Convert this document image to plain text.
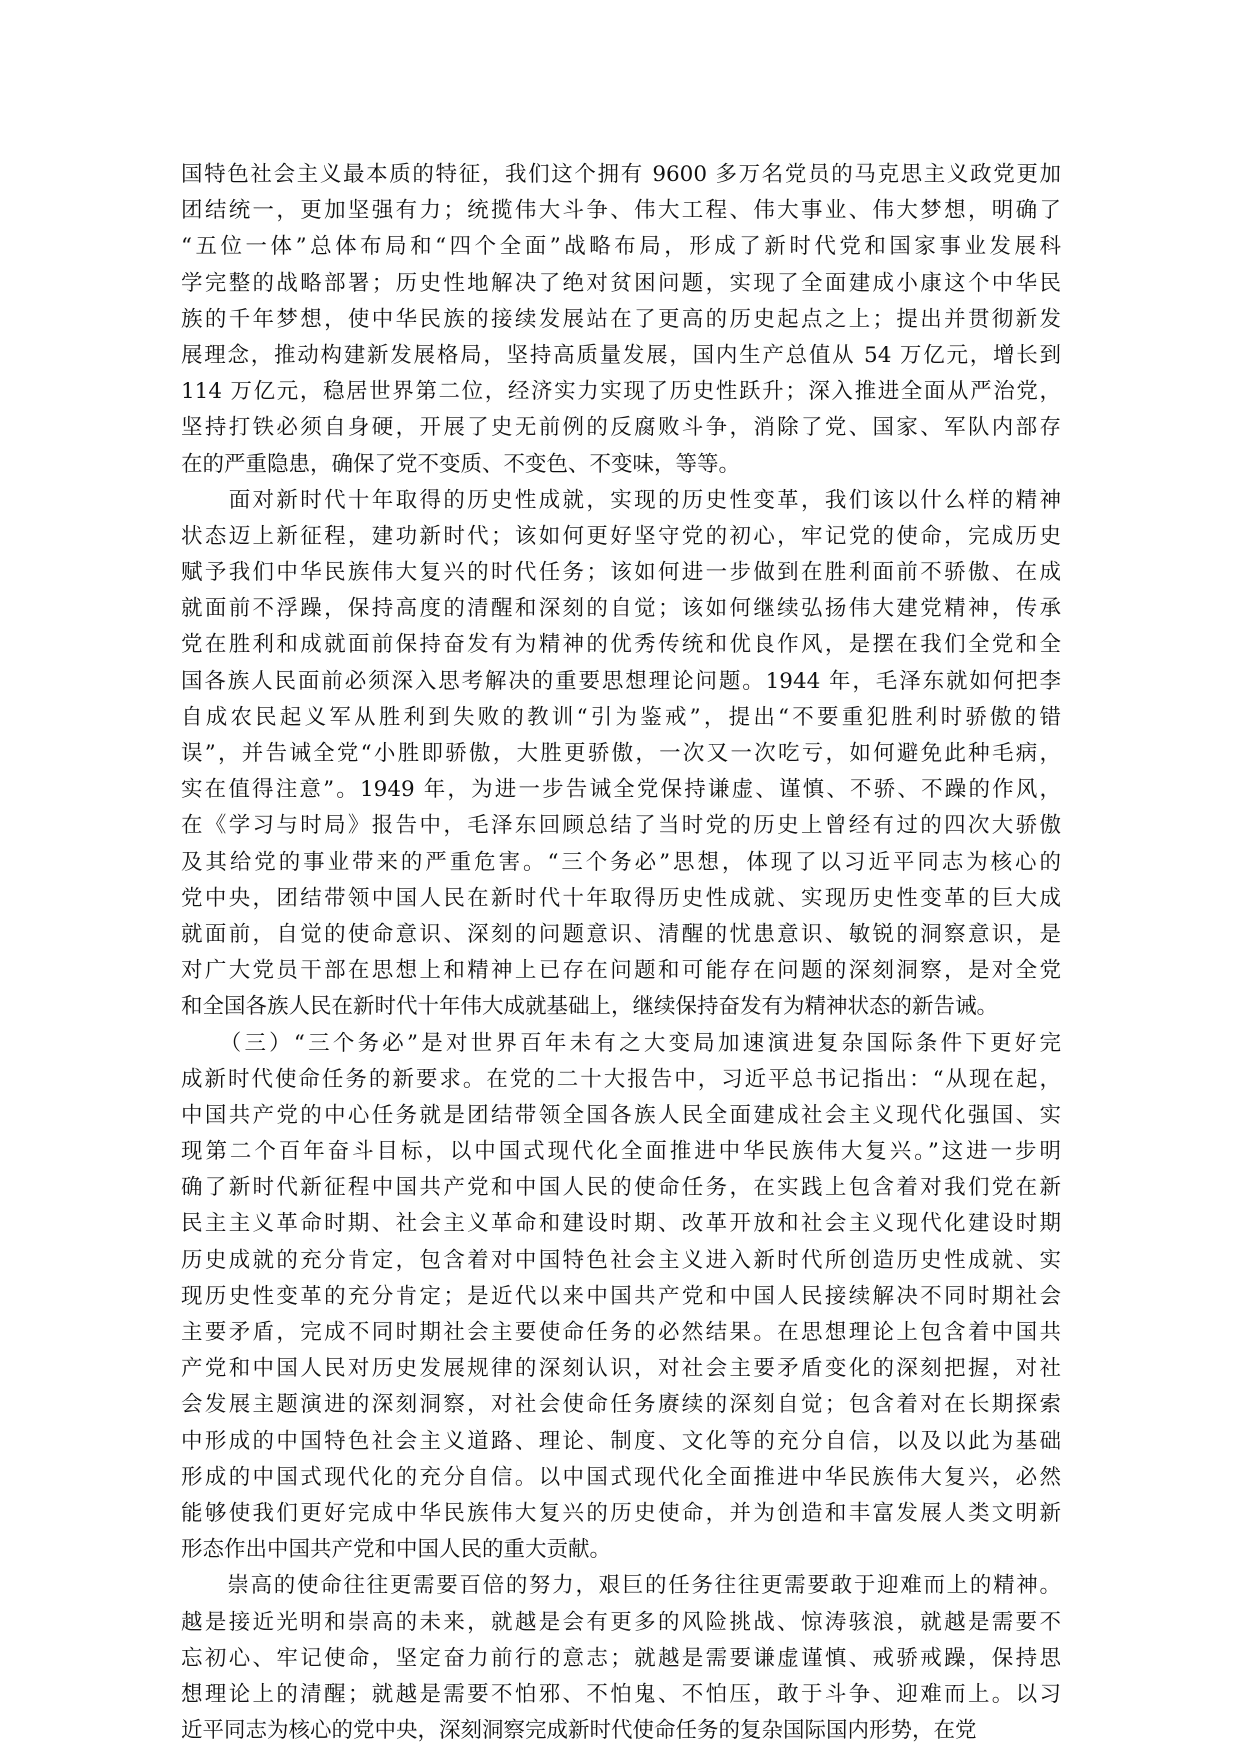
国特色社会主义最本质的特征，我们这个拥有 9600 多万名党员的马克思主义政党更加
团结统一，更加坚强有力；统揽伟大斗争、伟大工程、伟大事业、伟大梦想，明确了
“五位一体”总体布局和“四个全面”战略布局，形成了新时代党和国家事业发展科
学完整的战略部署；历史性地解决了绝对贫困问题，实现了全面建成小康这个中华民
族的千年梦想，使中华民族的接续发展站在了更高的历史起点之上；提出并贯彻新发
展理念，推动构建新发展格局，坚持高质量发展，国内生产总值从 54 万亿元，增长到
114 万亿元，稳居世界第二位，经济实力实现了历史性跃升；深入推进全面从严治党，
坚持打铁必须自身硬，开展了史无前例的反腐败斗争，消除了党、国家、军队内部存
在的严重隐患，确保了党不变质、不变色、不变味，等等。
　　面对新时代十年取得的历史性成就，实现的历史性变革，我们该以什么样的精神
状态迈上新征程，建功新时代；该如何更好坚守党的初心，牢记党的使命，完成历史
赋予我们中华民族伟大复兴的时代任务；该如何进一步做到在胜利面前不骄傲、在成
就面前不浮躁，保持高度的清醒和深刻的自觉；该如何继续弘扬伟大建党精神，传承
党在胜利和成就面前保持奋发有为精神的优秀传统和优良作风，是摆在我们全党和全
国各族人民面前必须深入思考解决的重要思想理论问题。1944 年，毛泽东就如何把李
自成农民起义军从胜利到失败的教训“引为鉴戒”，提出“不要重犯胜利时骄傲的错
误”，并告诫全党“小胜即骄傲，大胜更骄傲，一次又一次吃亏，如何避免此种毛病，
实在值得注意”。1949 年，为进一步告诫全党保持谦虚、谨慎、不骄、不躁的作风，
在《学习与时局》报告中，毛泽东回顾总结了当时党的历史上曾经有过的四次大骄傲
及其给党的事业带来的严重危害。“三个务必”思想，体现了以习近平同志为核心的
党中央，团结带领中国人民在新时代十年取得历史性成就、实现历史性变革的巨大成
就面前，自觉的使命意识、深刻的问题意识、清醒的忧患意识、敏锐的洞察意识，是
对广大党员干部在思想上和精神上已存在问题和可能存在问题的深刻洞察，是对全党
和全国各族人民在新时代十年伟大成就基础上，继续保持奋发有为精神状态的新告诫。
　　（三）“三个务必”是对世界百年未有之大变局加速演进复杂国际条件下更好完
成新时代使命任务的新要求。在党的二十大报告中，习近平总书记指出：“从现在起，
中国共产党的中心任务就是团结带领全国各族人民全面建成社会主义现代化强国、实
现第二个百年奋斗目标，以中国式现代化全面推进中华民族伟大复兴。”这进一步明
确了新时代新征程中国共产党和中国人民的使命任务，在实践上包含着对我们党在新
民主主义革命时期、社会主义革命和建设时期、改革开放和社会主义现代化建设时期
历史成就的充分肯定，包含着对中国特色社会主义进入新时代所创造历史性成就、实
现历史性变革的充分肯定；是近代以来中国共产党和中国人民接续解决不同时期社会
主要矛盾，完成不同时期社会主要使命任务的必然结果。在思想理论上包含着中国共
产党和中国人民对历史发展规律的深刻认识，对社会主要矛盾变化的深刻把握，对社
会发展主题演进的深刻洞察，对社会使命任务赓续的深刻自觉；包含着对在长期探索
中形成的中国特色社会主义道路、理论、制度、文化等的充分自信，以及以此为基础
形成的中国式现代化的充分自信。以中国式现代化全面推进中华民族伟大复兴，必然
能够使我们更好完成中华民族伟大复兴的历史使命，并为创造和丰富发展人类文明新
形态作出中国共产党和中国人民的重大贡献。
　　崇高的使命往往更需要百倍的努力，艰巨的任务往往更需要敢于迎难而上的精神。
越是接近光明和崇高的未来，就越是会有更多的风险挑战、惊涛骇浪，就越是需要不
忘初心、牢记使命，坚定奋力前行的意志；就越是需要谦虚谨慎、戒骄戒躁，保持思
想理论上的清醒；就越是需要不怕邪、不怕鬼、不怕压，敢于斗争、迎难而上。以习
近平同志为核心的党中央，深刻洞察完成新时代使命任务的复杂国际国内形势，在党
